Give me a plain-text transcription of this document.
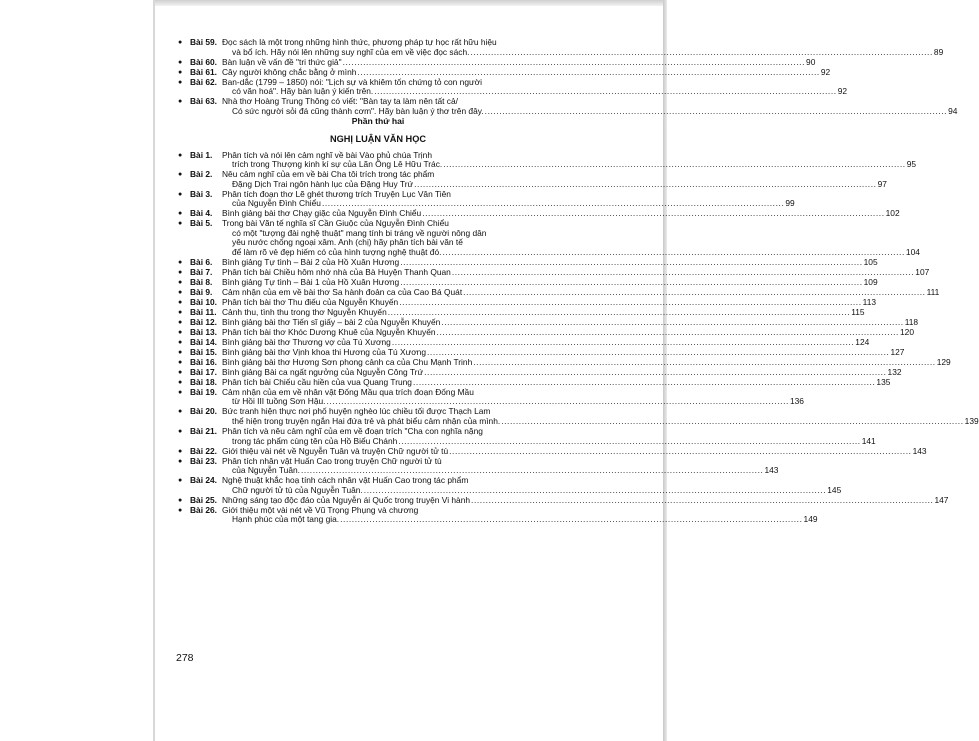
● Bài 59. Đọc sách là một trong những hình thức, phương pháp tự học rất hữu hiệu
và bổ ích. Hãy nói lên những suy nghĩ của em về việc đọc sách. .....	89
● Bài 60. Bàn luận về vấn đề "tri thức giả" .....	90
● Bài 61. Cây người không chắc bằng ở mình .....	92
● Bài 62. Ban-dắc (1799 – 1850) nói: "Lịch sự và khiêm tốn chứng tỏ con người
có văn hoá". Hãy bàn luận ý kiến trên. .....	92
● Bài 63. Nhà thơ Hoàng Trung Thông có viết: "Bàn tay ta làm nên tất cả/
Có sức người sỏi đá cũng thành cơm". Hãy bàn luận ý thơ trên đây. .....	94
Phần thứ hai
NGHỊ LUẬN VĂN HỌC
● Bài 1. Phân tích và nói lên cảm nghĩ về bài Vào phủ chúa Trịnh
trích trong Thượng kinh kí sự của Lãn Ông Lê Hữu Trác. .....	95
● Bài 2. Nêu cảm nghĩ của em về bài Cha tôi trích trong tác phẩm
Đặng Dịch Trai ngôn hành lục của Đặng Huy Trứ .....	97
● Bài 3. Phân tích đoạn thơ Lẽ ghét thương trích Truyện Lục Vân Tiên
của Nguyễn Đình Chiểu .....	99
● Bài 4. Bình giảng bài thơ Chạy giặc của Nguyễn Đình Chiểu .....	102
● Bài 5. Trong bài Văn tế nghĩa sĩ Cần Giuộc của Nguyễn Đình Chiểu
có một "tượng đài nghệ thuật" mang tính bi tráng về người nông dân
yêu nước chống ngoại xâm. Anh (chị) hãy phân tích bài văn tế
để làm rõ vẻ đẹp hiếm có của hình tượng nghệ thuật đó. .....	104
● Bài 6. Bình giảng Tự tình – Bài 2 của Hồ Xuân Hương .....	105
● Bài 7. Phân tích bài Chiều hôm nhớ nhà của Bà Huyện Thanh Quan .....	107
● Bài 8. Bình giảng Tự tình – Bài 1 của Hồ Xuân Hương .....	109
● Bài 9. Cảm nhận của em về bài thơ Sa hành đoản ca của Cao Bá Quát .....	111
● Bài 10. Phân tích bài thơ Thu điếu của Nguyễn Khuyến .....	113
● Bài 11. Cảnh thu, tình thu trong thơ Nguyễn Khuyến .....	115
● Bài 12. Bình giảng bài thơ Tiến sĩ giấy – bài 2 của Nguyễn Khuyến .....	118
● Bài 13. Phân tích bài thơ Khóc Dương Khuê của Nguyễn Khuyến .....	120
● Bài 14. Bình giảng bài thơ Thương vợ của Tú Xương .....	124
● Bài 15. Bình giảng bài thơ Vịnh khoa thi Hương của Tú Xương .....	127
● Bài 16. Bình giảng bài thơ Hương Sơn phong cảnh ca của Chu Mạnh Trinh .....	129
● Bài 17. Bình giảng Bài ca ngất ngưởng của Nguyễn Công Trứ .....	132
● Bài 18. Phân tích bài Chiếu cầu hiền của vua Quang Trung .....	135
● Bài 19. Cảm nhận của em về nhân vật Đống Mầu qua trích đoạn Đống Mầu
từ Hồi III tuồng Sơn Hậu. .....	136
● Bài 20. Bức tranh hiện thực nơi phố huyện nghèo lúc chiều tối được Thạch Lam
thể hiện trong truyện ngắn Hai đứa trẻ và phát biểu cảm nhận của mình. .....	139
● Bài 21. Phân tích và nêu cảm nghĩ của em về đoạn trích "Cha con nghĩa nặng
trong tác phẩm cùng tên của Hồ Biểu Chánh .....	141
● Bài 22. Giới thiệu vài nét về Nguyễn Tuân và truyện Chữ người tử tù .....	143
● Bài 23. Phân tích nhân vật Huấn Cao trong truyện Chữ người tử tù
của Nguyễn Tuân. .....	143
● Bài 24. Nghệ thuật khắc hoạ tính cách nhân vật Huấn Cao trong tác phẩm
Chữ người tử tù của Nguyễn Tuân. .....	145
● Bài 25. Những sáng tạo độc đáo của Nguyễn ái Quốc trong truyện Vi hành .....	147
● Bài 26. Giới thiệu một vài nét về Vũ Trọng Phụng và chương
Hạnh phúc của một tang gia. .....	149
278
